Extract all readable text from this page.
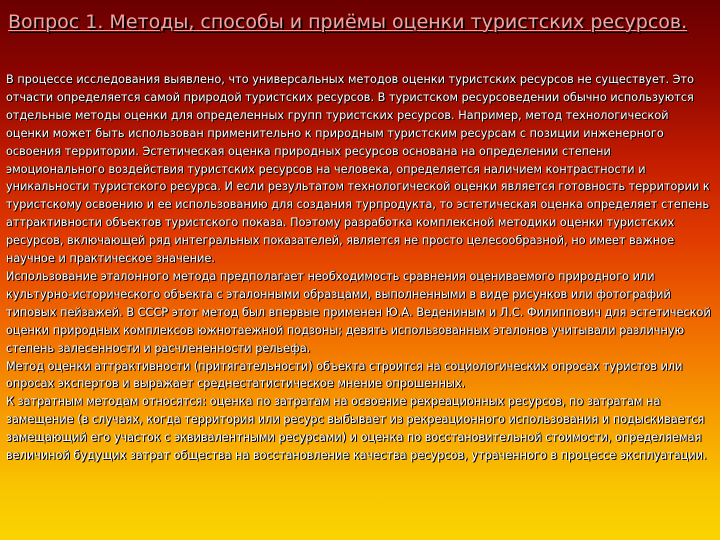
Вопрос 1. Методы, способы и приёмы оценки туристских ресурсов.
В процессе исследования выявлено, что универсальных методов оценки туристских ресурсов не существует. Это отчасти определяется самой природой туристских ресурсов. В туристском ресурсоведении обычно используются отдельные методы оценки для определенных групп туристских ресурсов. Например, метод технологической оценки может быть использован применительно к природным туристским ресурсам с позиции инженерного освоения территории. Эстетическая оценка природных ресурсов основана на определении степени эмоционального воздействия туристских ресурсов на человека, определяется наличием контрастности и уникальности туристского ресурса. И если результатом технологической оценки является готовность территории к туристскому освоению и ее использованию для создания турпродукта, то эстетическая оценка определяет степень аттрактивности объектов туристского показа. Поэтому разработка комплексной методики оценки туристских ресурсов, включающей ряд интегральных показателей, является не просто целесообразной, но имеет важное научное и практическое значение.
Использование эталонного метода предполагает необходимость сравнения оцениваемого природного или культурно-исторического объекта с эталонными образцами, выполненными в виде рисунков или фотографий типовых пейзажей. В СССР этот метод был впервые применен Ю.А. Ведениным и Л.С. Филиппович для эстетической оценки природных комплексов южнотаежной подзоны; девять использованных эталонов учитывали различную степень залесенности и расчлененности рельефа.
Метод оценки аттрактивности (притягательности) объекта строится на социологических опросах туристов или опросах экспертов и выражает среднестатистическое мнение опрошенных.
К затратным методам относятся: оценка по затратам на освоение рекреационных ресурсов, по затратам на замещение (в случаях, когда территория или ресурс выбывает из рекреационного использования и подыскивается замещающий его участок с эквивалентными ресурсами) и оценка по восстановительной стоимости, определяемая величиной будущих затрат общества на восстановление качества ресурсов, утраченного в процессе эксплуатации.
